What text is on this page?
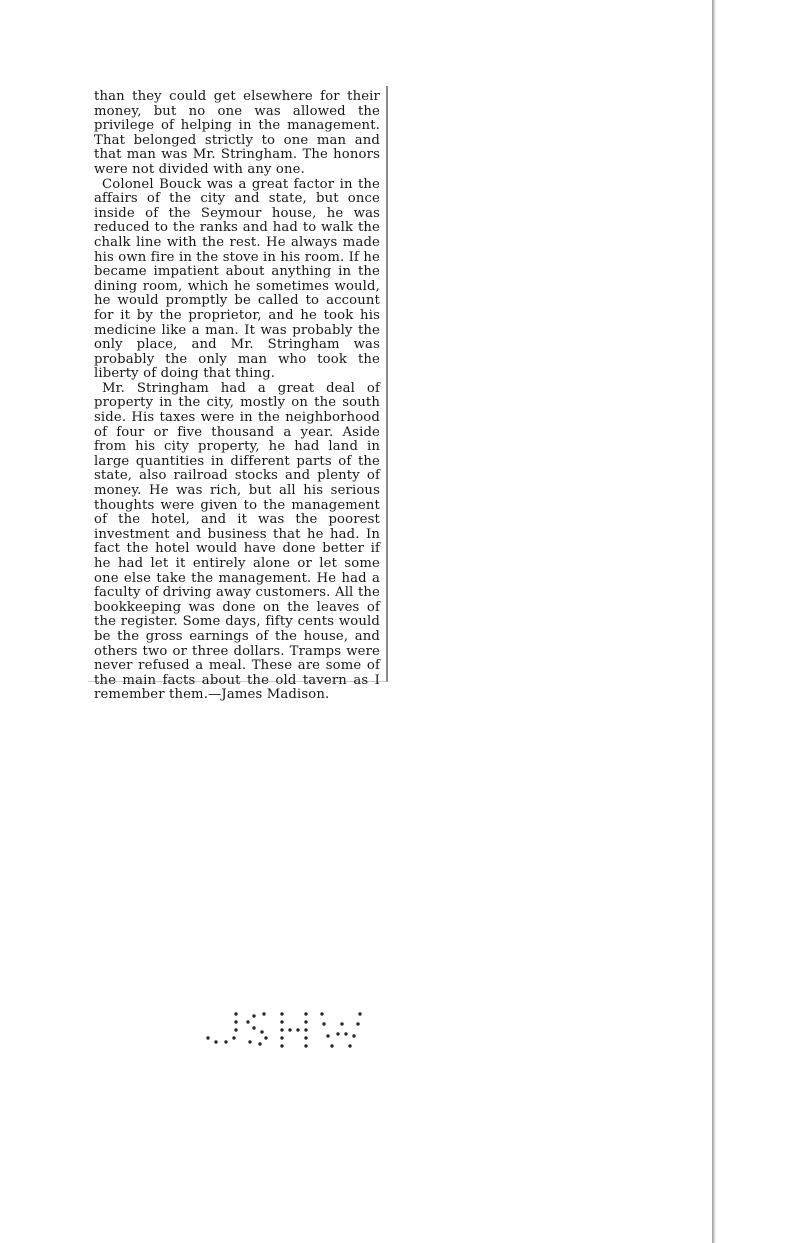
than they could get elsewhere for their money, but no one was allowed the privilege of helping in the management. That belonged strictly to one man and that man was Mr. Stringham. The honors were not divided with any one.

Colonel Bouck was a great factor in the affairs of the city and state, but once inside of the Seymour house, he was reduced to the ranks and had to walk the chalk line with the rest. He always made his own fire in the stove in his room. If he became impatient about anything in the dining room, which he sometimes would, he would promptly be called to account for it by the proprietor, and he took his medicine like a man. It was probably the only place, and Mr. Stringham was probably the only man who took the liberty of doing that thing.

Mr. Stringham had a great deal of property in the city, mostly on the south side. His taxes were in the neighborhood of four or five thousand a year. Aside from his city property, he had land in large quantities in different parts of the state, also railroad stocks and plenty of money. He was rich, but all his serious thoughts were given to the management of the hotel, and it was the poorest investment and business that he had. In fact the hotel would have done better if he had let it entirely alone or let some one else take the management. He had a faculty of driving away customers. All the bookkeeping was done on the leaves of the register. Some days, fifty cents would be the gross earnings of the house, and others two or three dollars. Tramps were never refused a meal. These are some of the main facts about the old tavern as I remember them.—James Madison.
